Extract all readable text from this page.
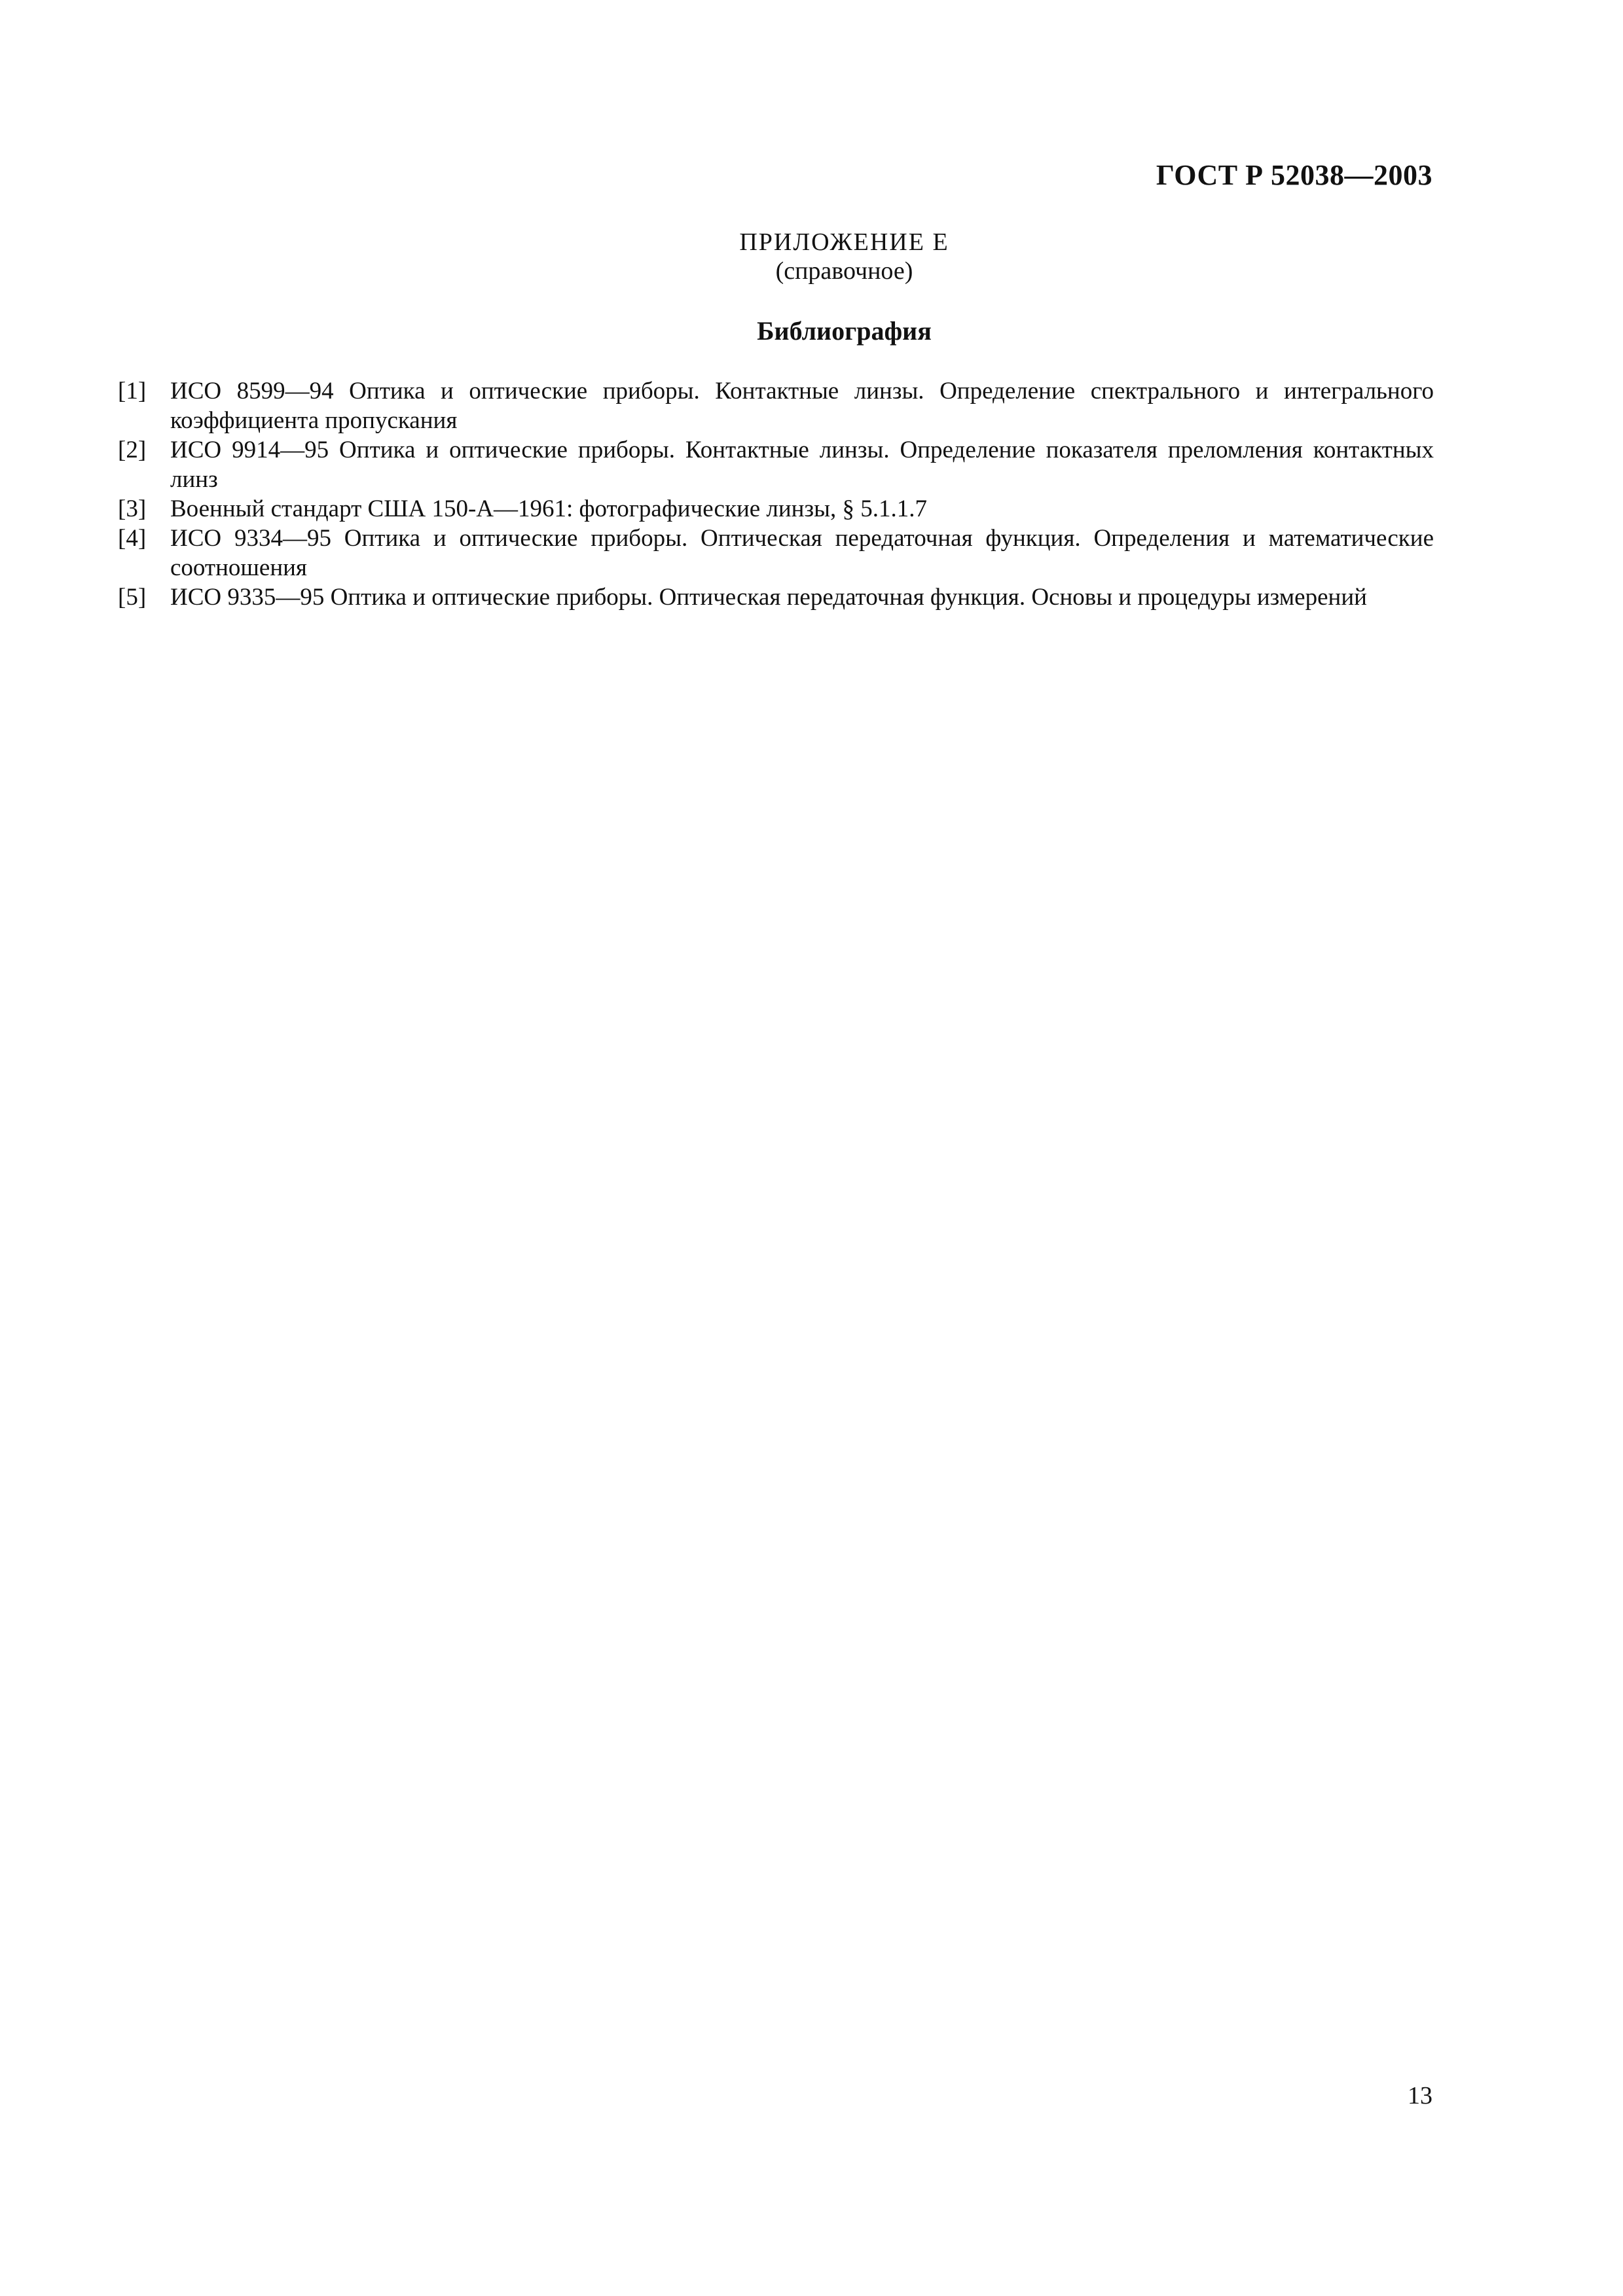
ГОСТ Р 52038—2003
ПРИЛОЖЕНИЕ Е
(справочное)
Библиография
[1] ИСО 8599—94 Оптика и оптические приборы. Контактные линзы. Определение спектрального и интегрального коэффициента пропускания
[2] ИСО 9914—95 Оптика и оптические приборы. Контактные линзы. Определение показателя преломления контактных линз
[3] Военный стандарт США 150-А—1961: фотографические линзы, § 5.1.1.7
[4] ИСО 9334—95 Оптика и оптические приборы. Оптическая передаточная функция. Определения и математические соотношения
[5] ИСО 9335—95 Оптика и оптические приборы. Оптическая передаточная функция. Основы и процедуры измерений
13
